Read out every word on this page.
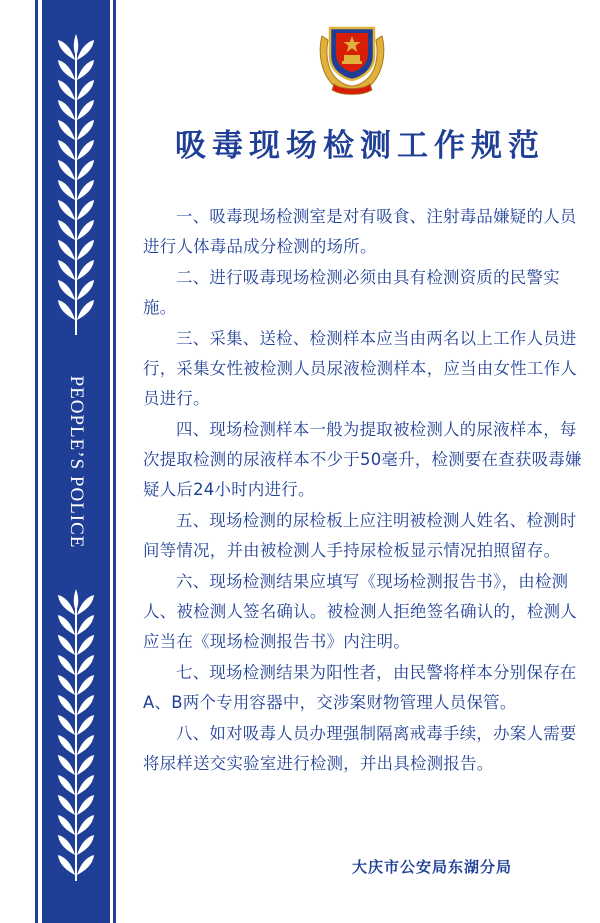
PEOPLE’S POLICE
吸毒现场检测工作规范

一、吸毒现场检测室是对有吸食、注射毒品嫌疑的人员进行人体毒品成分检测的场所。

二、进行吸毒现场检测必须由具有检测资质的民警实施。

三、采集、送检、检测样本应当由两名以上工作人员进行，采集女性被检测人员尿液检测样本，应当由女性工作人员进行。

四、现场检测样本一般为提取被检测人的尿液样本，每次提取检测的尿液样本不少于50毫升，检测要在查获吸毒嫌疑人后24小时内进行。

五、现场检测的尿检板上应注明被检测人姓名、检测时间等情况，并由被检测人手持尿检板显示情况拍照留存。

六、现场检测结果应填写《现场检测报告书》，由检测人、被检测人签名确认。被检测人拒绝签名确认的，检测人应当在《现场检测报告书》内注明。

七、现场检测结果为阳性者，由民警将样本分别保存在A、B两个专用容器中，交涉案财物管理人员保管。

八、如对吸毒人员办理强制隔离戒毒手续，办案人需要将尿样送交实验室进行检测，并出具检测报告。

大庆市公安局东湖分局
